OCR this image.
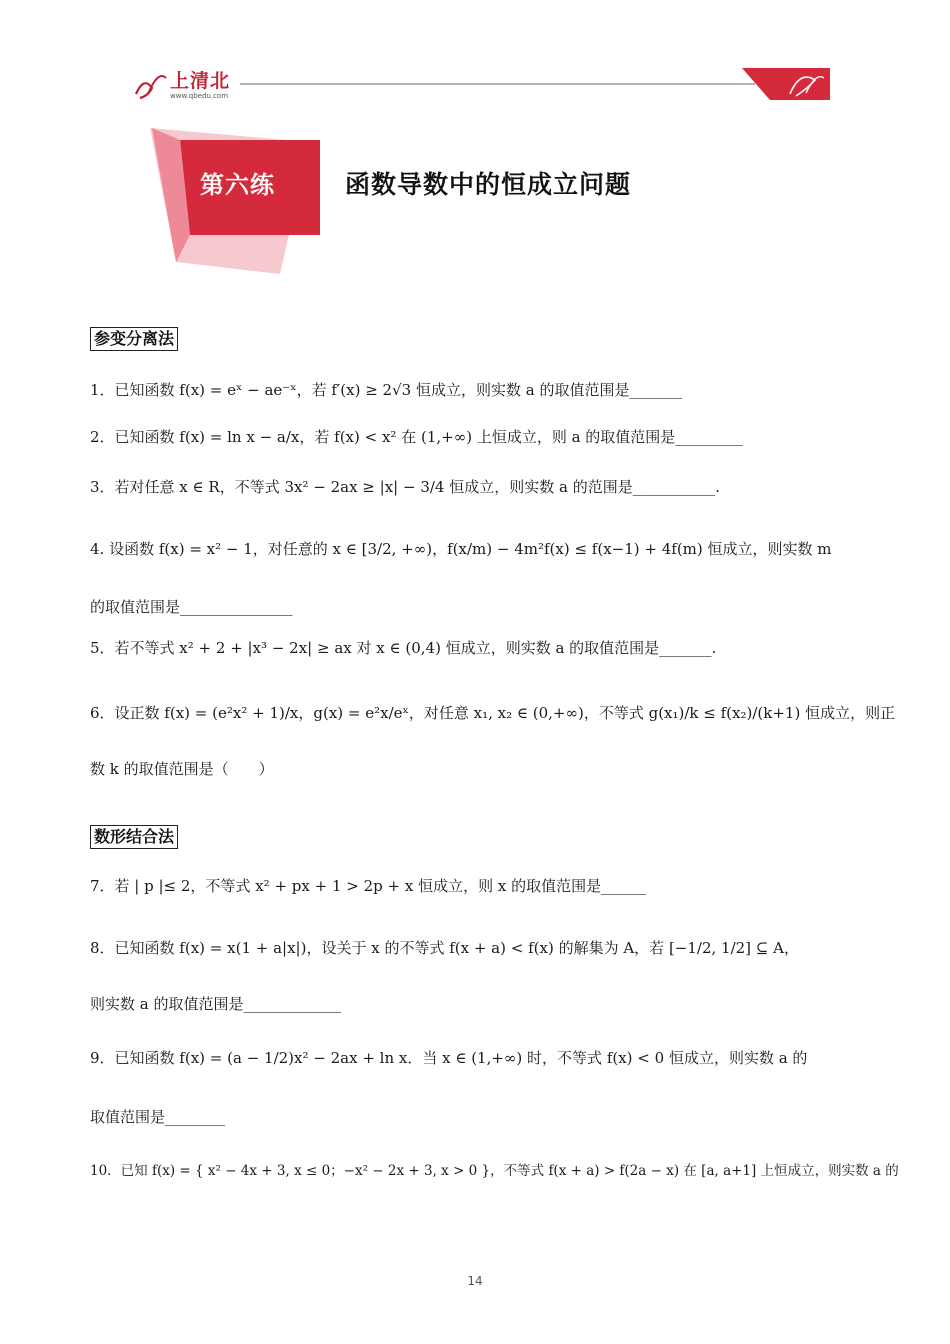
上清北
www.qbedu.com
第六练	函数导数中的恒成立问题
参变分离法
1．已知函数 f(x) = eˣ − ae⁻ˣ，若 f′(x) ≥ 2√3 恒成立，则实数 a 的取值范围是_______
2．已知函数 f(x) = ln x − a/x，若 f(x) < x² 在 (1,+∞) 上恒成立，则 a 的取值范围是_________
3．若对任意 x ∈ R，不等式 3x² − 2ax ≥ |x| − 3/4 恒成立，则实数 a 的范围是___________.
4. 设函数 f(x) = x² − 1，对任意的 x ∈ [3/2, +∞)，f(x/m) − 4m²f(x) ≤ f(x−1) + 4f(m) 恒成立，则实数 m
的取值范围是_______________
5．若不等式 x² + 2 + |x³ − 2x| ≥ ax 对 x ∈ (0,4) 恒成立，则实数 a 的取值范围是_______.
6．设正数 f(x) = (e²x² + 1)/x，g(x) = e²x/eˣ，对任意 x₁, x₂ ∈ (0,+∞)，不等式 g(x₁)/k ≤ f(x₂)/(k+1) 恒成立，则正
数 k 的取值范围是（　　）
数形结合法
7．若 | p |≤ 2，不等式 x² + px + 1 > 2p + x 恒成立，则 x 的取值范围是______
8．已知函数 f(x) = x(1 + a|x|)，设关于 x 的不等式 f(x + a) < f(x) 的解集为 A，若 [−1/2, 1/2] ⊆ A，
则实数 a 的取值范围是_____________
9．已知函数 f(x) = (a − 1/2)x² − 2ax + ln x．当 x ∈ (1,+∞) 时，不等式 f(x) < 0 恒成立，则实数 a 的
取值范围是________
10．已知 f(x) = { x² − 4x + 3, x ≤ 0；−x² − 2x + 3, x > 0 }，不等式 f(x + a) > f(2a − x) 在 [a, a+1] 上恒成立，则实数 a 的
14
